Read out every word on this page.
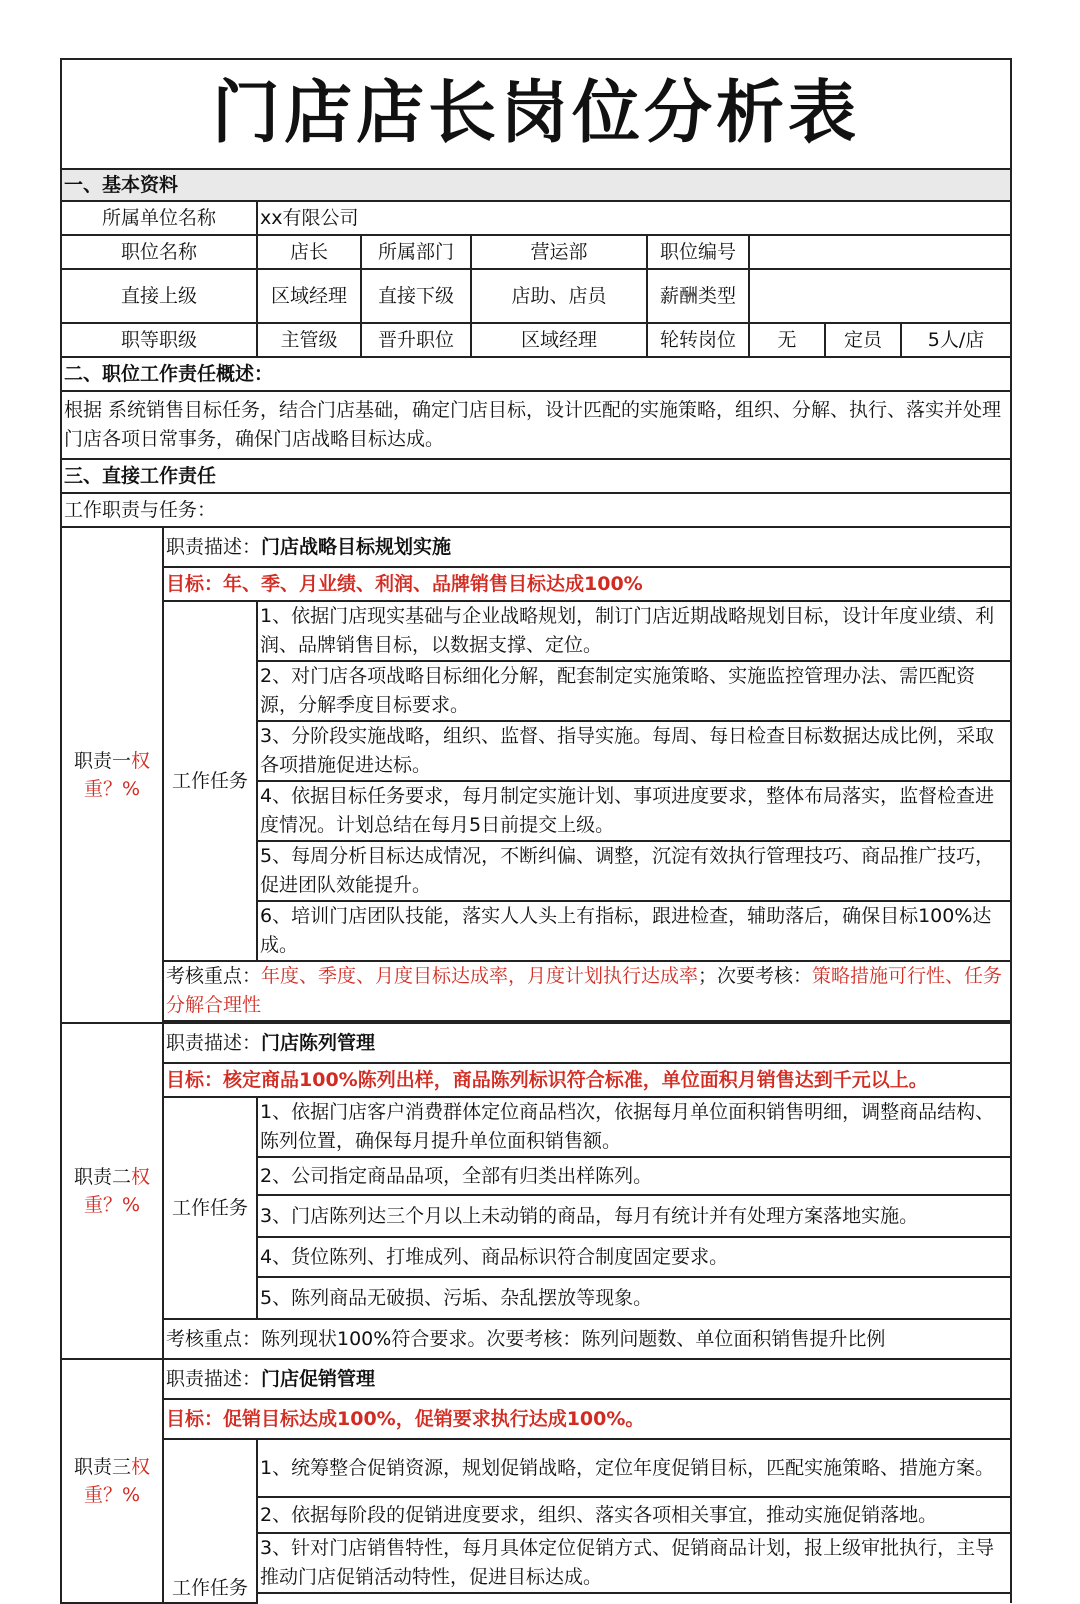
门店店长岗位分析表								
一、基本资料								
所属单位名称		xx有限公司						
职位名称		店长	所属部门	营运部	职位编号			
直接上级		区域经理	直接下级	店助、店员	薪酬类型			
职等职级		主管级	晋升职位	区域经理	轮转岗位	无	定员	5人/店
二、职位工作责任概述：								
根据 系统销售目标任务，结合门店基础，确定门店目标，设计匹配的实施策略，组织、分解、执行、落实并处理门店各项日常事务，确保门店战略目标达成。								
三、直接工作责任								
工作职责与任务：								
职责一权
重？%	职责描述：门店战略目标规划实施							
	目标：年、季、月业绩、利润、品牌销售目标达成100%							
	工作任务	1、依据门店现实基础与企业战略规划，制订门店近期战略规划目标，设计年度业绩、利润、品牌销售目标，以数据支撑、定位。						
		2、对门店各项战略目标细化分解，配套制定实施策略、实施监控管理办法、需匹配资源，分解季度目标要求。						
		3、分阶段实施战略，组织、监督、指导实施。每周、每日检查目标数据达成比例，采取各项措施促进达标。						
		4、依据目标任务要求，每月制定实施计划、事项进度要求，整体布局落实，监督检查进度情况。计划总结在每月5日前提交上级。						
		5、每周分析目标达成情况，不断纠偏、调整，沉淀有效执行管理技巧、商品推广技巧，促进团队效能提升。						
		6、培训门店团队技能，落实人人头上有指标，跟进检查，辅助落后，确保目标100%达成。						
	考核重点：年度、季度、月度目标达成率，月度计划执行达成率；次要考核：策略措施可行性、任务分解合理性							

职责二权
重？%	职责描述：门店陈列管理							
	目标：核定商品100%陈列出样，商品陈列标识符合标准，单位面积月销售达到千元以上。							
	工作任务	1、依据门店客户消费群体定位商品档次，依据每月单位面积销售明细，调整商品结构、陈列位置，确保每月提升单位面积销售额。						
		2、公司指定商品品项，全部有归类出样陈列。						
		3、门店陈列达三个月以上未动销的商品，每月有统计并有处理方案落地实施。						
		4、货位陈列、打堆成列、商品标识符合制度固定要求。						
		5、陈列商品无破损、污垢、杂乱摆放等现象。						
	考核重点：陈列现状100%符合要求。次要考核：陈列问题数、单位面积销售提升比例							
职责三权
重？%	职责描述：门店促销管理							
	目标：促销目标达成100%，促销要求执行达成100%。							
	工作任务	1、统筹整合促销资源，规划促销战略，定位年度促销目标，匹配实施策略、措施方案。						
		2、依据每阶段的促销进度要求，组织、落实各项相关事宜，推动实施促销落地。						
		3、针对门店销售特性，每月具体定位促销方式、促销商品计划，报上级审批执行，主导推动门店促销活动特性，促进目标达成。						
